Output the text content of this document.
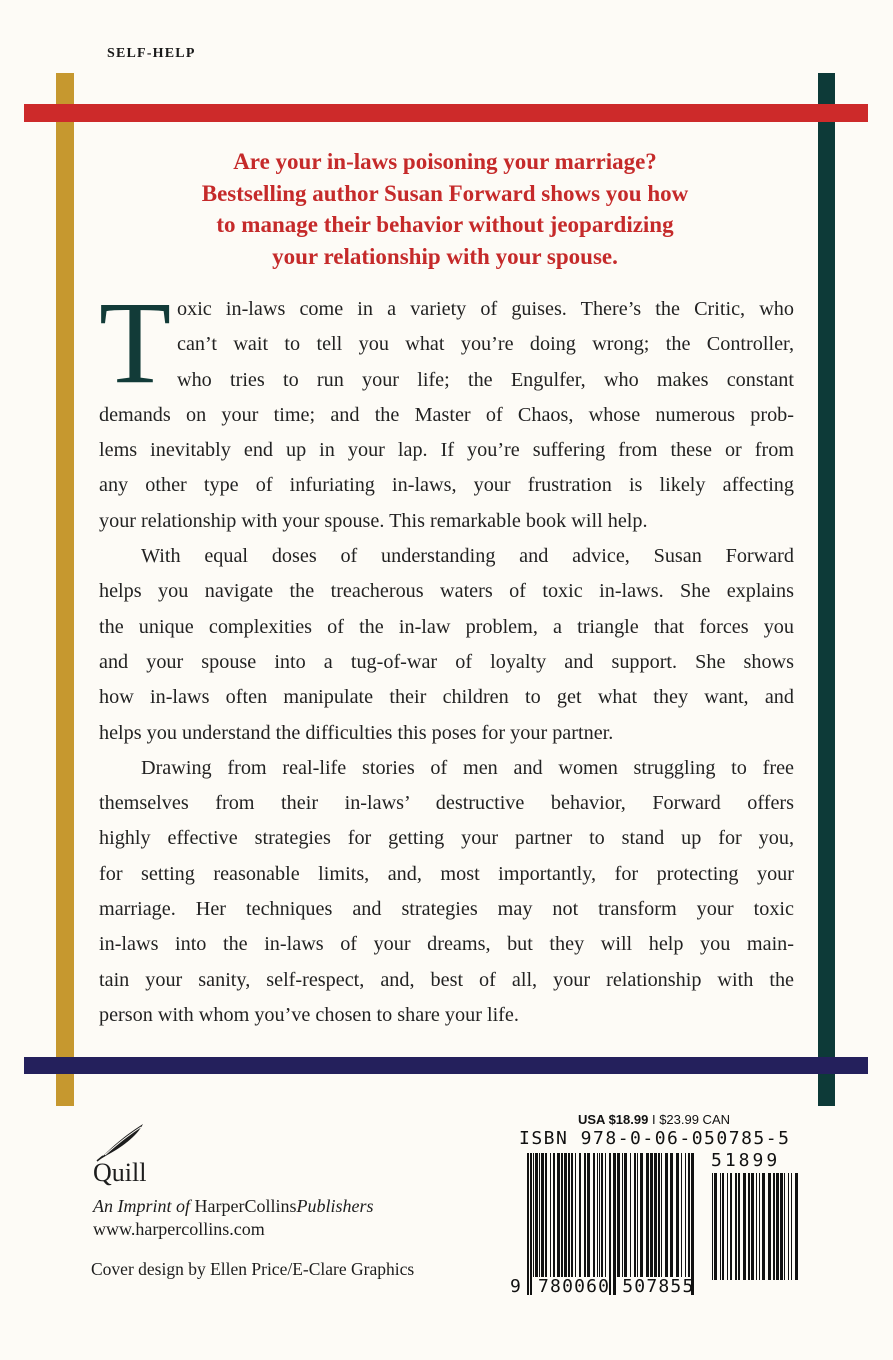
SELF-HELP
Are your in-laws poisoning your marriage?
Bestselling author Susan Forward shows you how
to manage their behavior without jeopardizing
your relationship with your spouse.
T oxic in-laws come in a variety of guises. There’s the Critic, who
can’t wait to tell you what you’re doing wrong; the Controller,
who tries to run your life; the Engulfer, who makes constant
demands on your time; and the Master of Chaos, whose numerous prob-
lems inevitably end up in your lap. If you’re suffering from these or from
any other type of infuriating in-laws, your frustration is likely affecting
your relationship with your spouse. This remarkable book will help.
With equal doses of understanding and advice, Susan Forward
helps you navigate the treacherous waters of toxic in-laws. She explains
the unique complexities of the in-law problem, a triangle that forces you
and your spouse into a tug-of-war of loyalty and support. She shows
how in-laws often manipulate their children to get what they want, and
helps you understand the difficulties this poses for your partner.
Drawing from real-life stories of men and women struggling to free
themselves from their in-laws’ destructive behavior, Forward offers
highly effective strategies for getting your partner to stand up for you,
for setting reasonable limits, and, most importantly, for protecting your
marriage. Her techniques and strategies may not transform your toxic
in-laws into the in-laws of your dreams, but they will help you main-
tain your sanity, self-respect, and, best of all, your relationship with the
person with whom you’ve chosen to share your life.
Quill
An Imprint of HarperCollinsPublishers
www.harpercollins.com
Cover design by Ellen Price/E-Clare Graphics
USA $18.99 I $23.99 CAN
ISBN 978-0-06-050785-5
51899
9 780060 507855
